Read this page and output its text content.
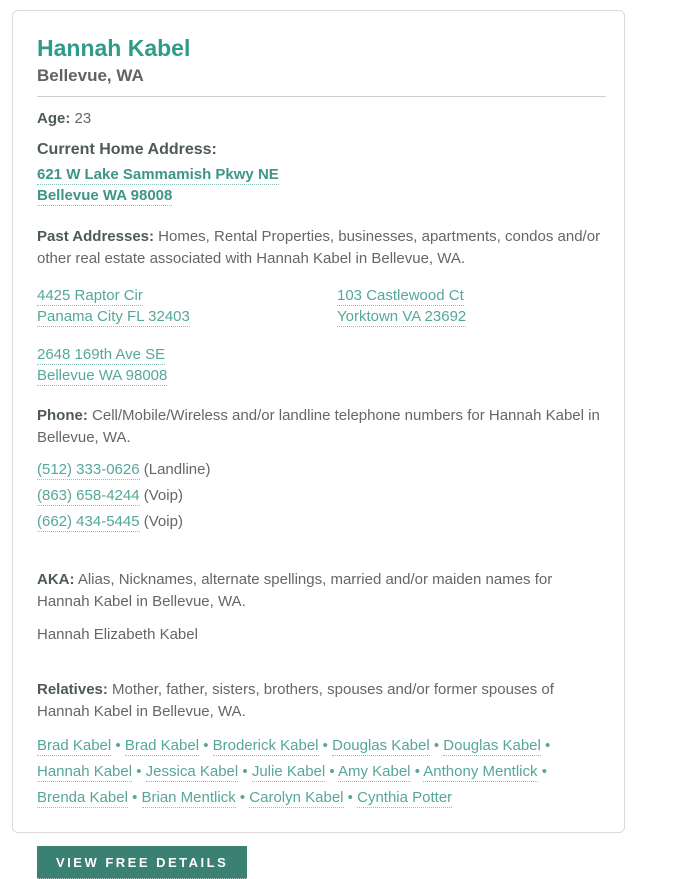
Hannah Kabel
Bellevue, WA

Age: 23

Current Home Address:
621 W Lake Sammamish Pkwy NE
Bellevue WA 98008

Past Addresses: Homes, Rental Properties, businesses, apartments, condos and/or other real estate associated with Hannah Kabel in Bellevue, WA.

4425 Raptor Cir
Panama City FL 32403
103 Castlewood Ct
Yorktown VA 23692
2648 169th Ave SE
Bellevue WA 98008

Phone: Cell/Mobile/Wireless and/or landline telephone numbers for Hannah Kabel in Bellevue, WA.

(512) 333-0626 (Landline)

(863) 658-4244 (Voip)

(662) 434-5445 (Voip)

AKA: Alias, Nicknames, alternate spellings, married and/or maiden names for Hannah Kabel in Bellevue, WA.

Hannah Elizabeth Kabel

Relatives: Mother, father, sisters, brothers, spouses and/or former spouses of Hannah Kabel in Bellevue, WA.

Brad Kabel • Brad Kabel • Broderick Kabel • Douglas Kabel • Douglas Kabel • Hannah Kabel • Jessica Kabel • Julie Kabel • Amy Kabel • Anthony Mentlick • Brenda Kabel • Brian Mentlick • Carolyn Kabel • Cynthia Potter
VIEW FREE DETAILS
